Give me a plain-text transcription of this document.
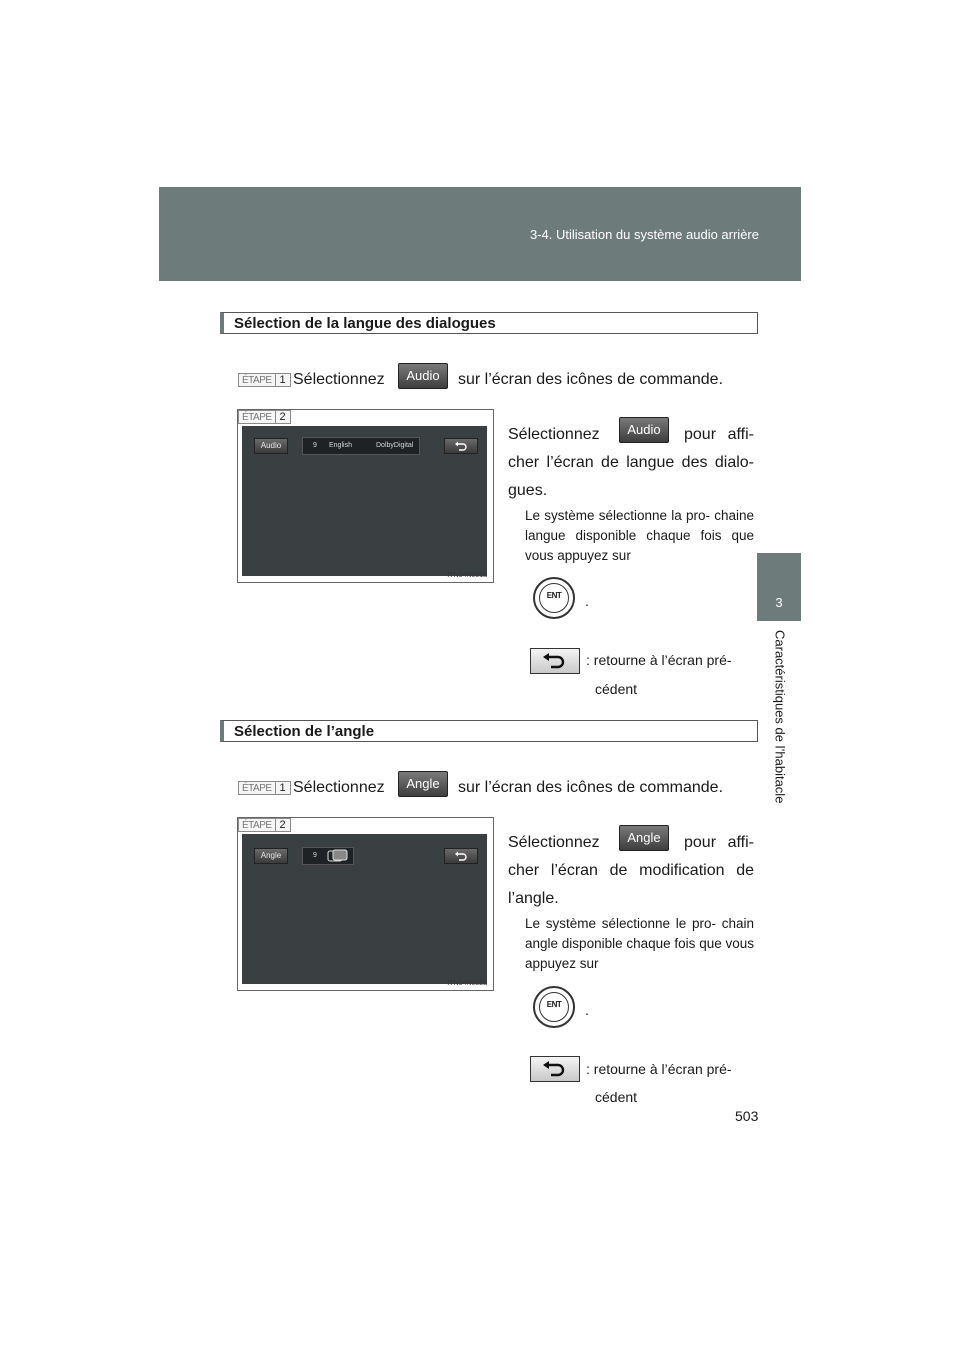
3-4. Utilisation du système audio arrière
3
Caractéristiques de l’habitacle
Sélection de la langue des dialogues
ÉTAPE 1 Sélectionnez	Audio	sur l’écran des icônes de commande.
ÉTAPE 2
Audio	9 English	DolbyDigital
ITN34N031a
Sélectionnez	Audio	pour affi- cher l’écran de langue des dialo- gues.
Le système sélectionne la pro- chaine langue disponible chaque fois que vous appuyez sur
ENT	.
: retourne à l’écran pré-
cédent
Sélection de l’angle
ÉTAPE 1 Sélectionnez	Angle	sur l’écran des icônes de commande.
ÉTAPE 2
Angle	9
ITN34N032a
Sélectionnez	Angle	pour affi- cher l’écran de modification de l’angle.
Le système sélectionne le pro- chain angle disponible chaque fois que vous appuyez sur
ENT	.
: retourne à l’écran pré-
cédent
503
